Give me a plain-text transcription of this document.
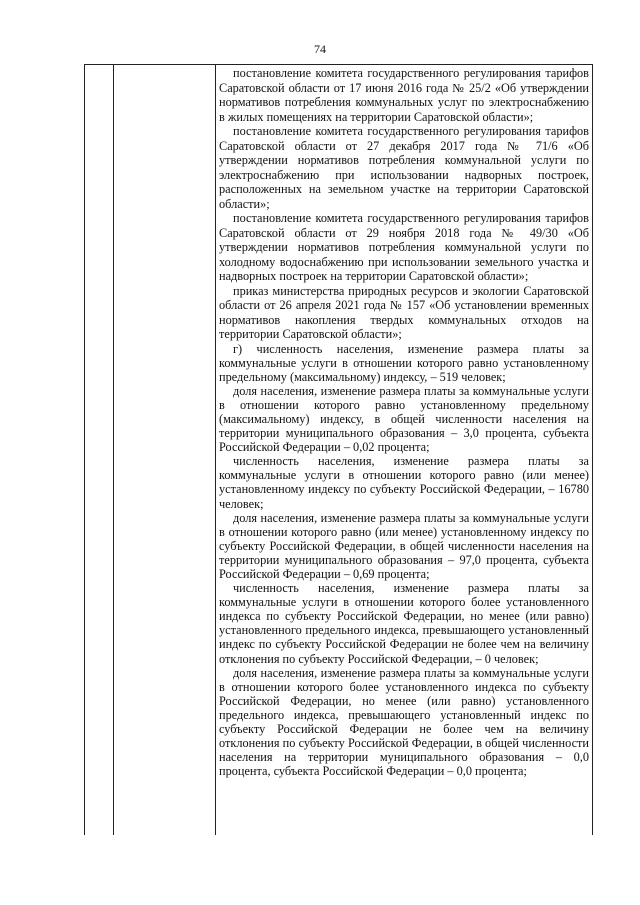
74

постановление комитета государственного регулирования тарифов Саратовской области от 17 июня 2016 года № 25/2 «Об утверждении нормативов потребления коммунальных услуг по электроснабжению в жилых помещениях на территории Саратовской области»;

постановление комитета государственного регулирования тарифов Саратовской области от 27 декабря 2017 года № 71/6 «Об утверждении нормативов потребления коммунальной услуги по электроснабжению при использовании надворных построек, расположенных на земельном участке на территории Саратовской области»;

постановление комитета государственного регулирования тарифов Саратовской области от 29 ноября 2018 года № 49/30 «Об утверждении нормативов потребления коммунальной услуги по холодному водоснабжению при использовании земельного участка и надворных построек на территории Саратовской области»;

приказ министерства природных ресурсов и экологии Саратовской области от 26 апреля 2021 года № 157 «Об установлении временных нормативов накопления твердых коммунальных отходов на территории Саратовской области»;

г) численность населения, изменение размера платы за коммунальные услуги в отношении которого равно установленному предельному (максимальному) индексу, – 519 человек;

доля населения, изменение размера платы за коммунальные услуги в отношении которого равно установленному предельному (максимальному) индексу, в общей численности населения на территории муниципального образования – 3,0 процента, субъекта Российской Федерации – 0,02 процента;

численность населения, изменение размера платы за коммунальные услуги в отношении которого равно (или менее) установленному индексу по субъекту Российской Федерации, – 16780 человек;

доля населения, изменение размера платы за коммунальные услуги в отношении которого равно (или менее) установленному индексу по субъекту Российской Федерации, в общей численности населения на территории муниципального образования – 97,0 процента, субъекта Российской Федерации – 0,69 процента;

численность населения, изменение размера платы за коммунальные услуги в отношении которого более установленного индекса по субъекту Российской Федерации, но менее (или равно) установленного предельного индекса, превышающего установленный индекс по субъекту Российской Федерации не более чем на величину отклонения по субъекту Российской Федерации, – 0 человек;

доля населения, изменение размера платы за коммунальные услуги в отношении которого более установленного индекса по субъекту Российской Федерации, но менее (или равно) установленного предельного индекса, превышающего установленный индекс по субъекту Российской Федерации не более чем на величину отклонения по субъекту Российской Федерации, в общей численности населения на территории муниципального образования – 0,0 процента, субъекта Российской Федерации – 0,0 процента;
